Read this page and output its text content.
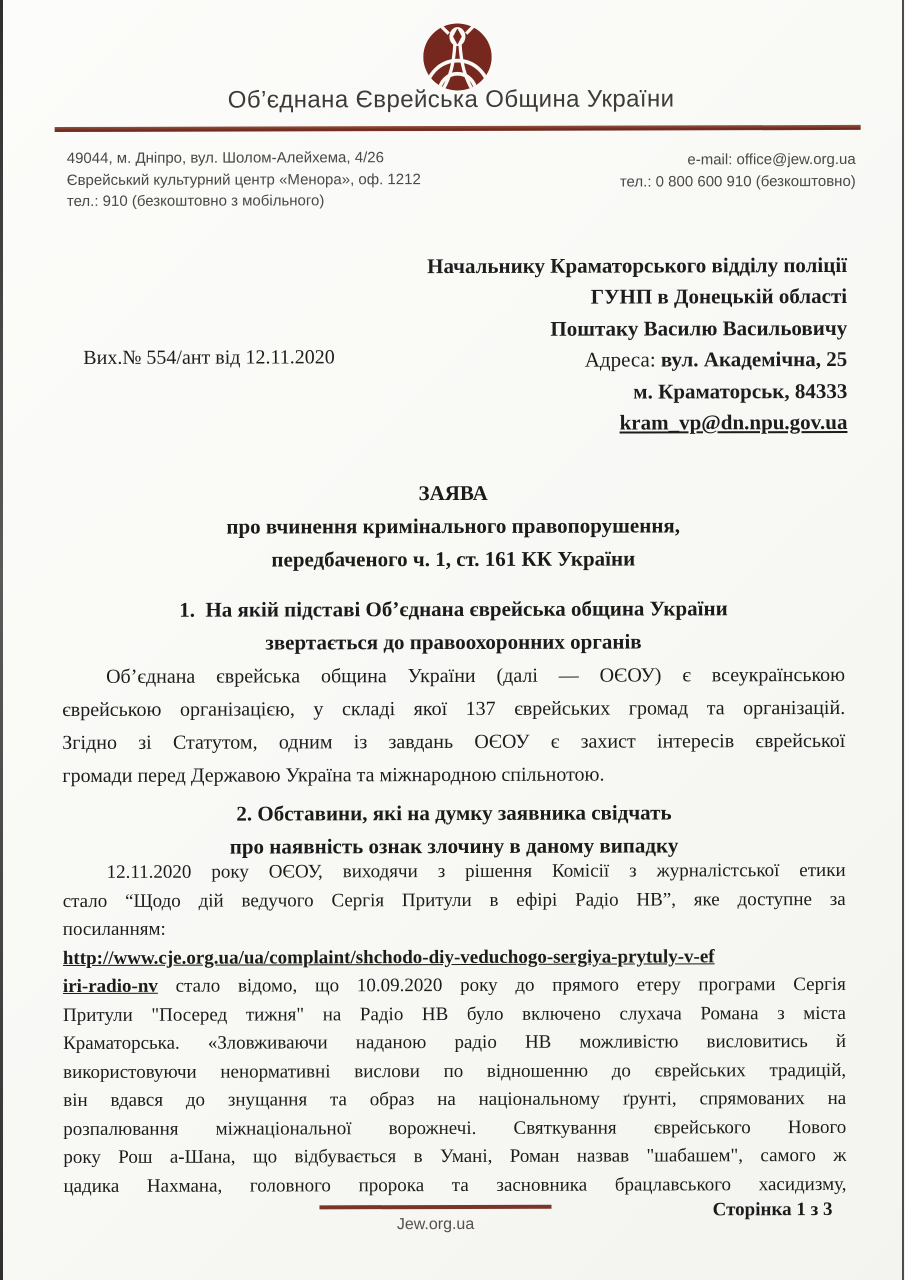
Об’єднана Єврейська Община України
49044, м. Дніпро, вул. Шолом-Алейхема, 4/26
Єврейський культурний центр «Менора», оф. 1212
тел.: 910 (безкоштовно з мобільного)
e-mail: office@jew.org.ua
тел.: 0 800 600 910 (безкоштовно)
Начальнику Краматорського відділу поліції
ГУНП в Донецькій області
Поштаку Василю Васильовичу
Адреса: вул. Академічна, 25
м. Краматорськ, 84333
kram_vp@dn.npu.gov.ua
Вих.№ 554/ант від 12.11.2020
ЗАЯВА
про вчинення кримінального правопорушення,
передбаченого ч. 1, ст. 161 КК України
1.  На якій підставі Об’єднана єврейська община України
звертається до правоохоронних органів
Об’єднана єврейська община України (далі — ОЄОУ) є всеукраїнською
єврейською організацією, у складі якої 137 єврейських громад та організацій.
Згідно зі Статутом, одним із завдань ОЄОУ є захист інтересів єврейської
громади перед Державою Україна та міжнародною спільнотою.
2. Обставини, які на думку заявника свідчать
про наявність ознак злочину в даному випадку
12.11.2020 року ОЄОУ, виходячи з рішення Комісії з журналістської етики
стало “Щодо дій ведучого Сергія Притули в ефірі Радіо НВ”, яке доступне за
посиланням:
http://www.cje.org.ua/ua/complaint/shchodo-diy-veduchogo-sergiya-prytuly-v-ef
iri-radio-nv стало відомо, що 10.09.2020 року до прямого етеру програми Сергія
Притули "Посеред тижня" на Радіо НВ було включено слухача Романа з міста
Краматорська. «Зловживаючи наданою радіо НВ можливістю висловитись й
використовуючи ненормативні вислови по відношенню до єврейських традицій,
він вдався до знущання та образ на національному ґрунті, спрямованих на
розпалювання міжнаціональної ворожнечі. Святкування єврейського Нового
року Рош а-Шана, що відбувається в Умані, Роман назвав "шабашем", самого ж
цадика Нахмана, головного пророка та засновника брацлавського хасидизму,
Jew.org.ua
Сторінка 1 з 3
